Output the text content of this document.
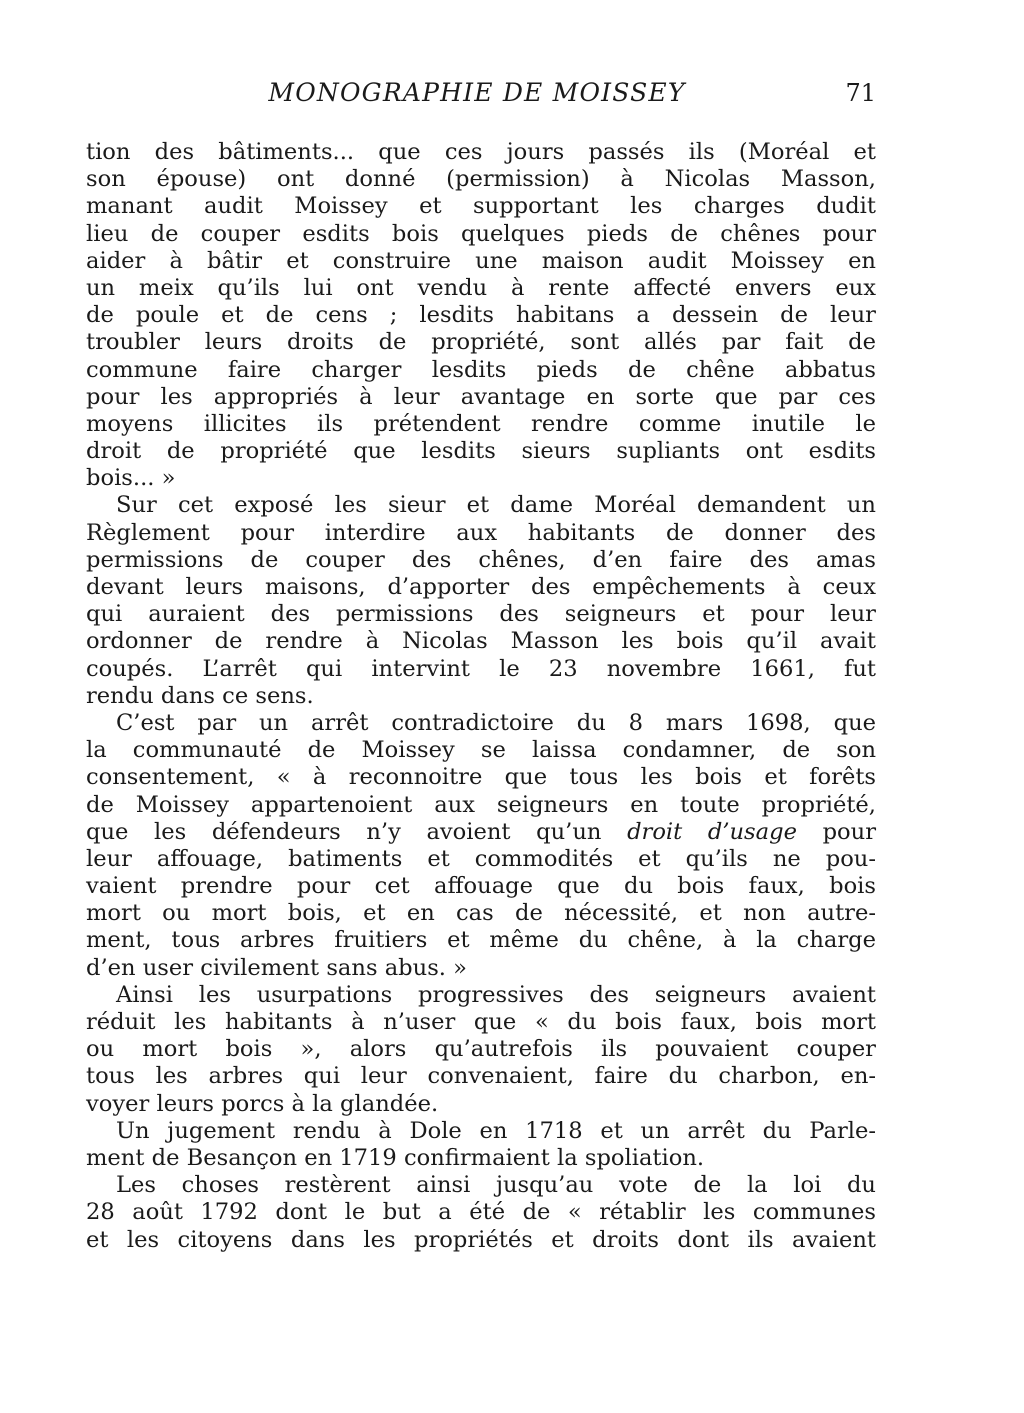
MONOGRAPHIE DE MOISSEY	71
tion des bâtiments... que ces jours passés ils (Moréal et
son épouse) ont donné (permission) à Nicolas Masson,
manant audit Moissey et supportant les charges dudit
lieu de couper esdits bois quelques pieds de chênes pour
aider à bâtir et construire une maison audit Moissey en
un meix qu’ils lui ont vendu à rente affecté envers eux
de poule et de cens ; lesdits habitans a dessein de leur
troubler leurs droits de propriété, sont allés par fait de
commune faire charger lesdits pieds de chêne abbatus
pour les appropriés à leur avantage en sorte que par ces
moyens illicites ils prétendent rendre comme inutile le
droit de propriété que lesdits sieurs supliants ont esdits
bois... »
Sur cet exposé les sieur et dame Moréal demandent un
Règlement pour interdire aux habitants de donner des
permissions de couper des chênes, d’en faire des amas
devant leurs maisons, d’apporter des empêchements à ceux
qui auraient des permissions des seigneurs et pour leur
ordonner de rendre à Nicolas Masson les bois qu’il avait
coupés. L’arrêt qui intervint le 23 novembre 1661, fut
rendu dans ce sens.
C’est par un arrêt contradictoire du 8 mars 1698, que
la communauté de Moissey se laissa condamner, de son
consentement, « à reconnoitre que tous les bois et forêts
de Moissey appartenoient aux seigneurs en toute propriété,
que les défendeurs n’y avoient qu’un droit d’usage pour
leur affouage, batiments et commodités et qu’ils ne pou-
vaient prendre pour cet affouage que du bois faux, bois
mort ou mort bois, et en cas de nécessité, et non autre-
ment, tous arbres fruitiers et même du chêne, à la charge
d’en user civilement sans abus. »
Ainsi les usurpations progressives des seigneurs avaient
réduit les habitants à n’user que « du bois faux, bois mort
ou mort bois », alors qu’autrefois ils pouvaient couper
tous les arbres qui leur convenaient, faire du charbon, en-
voyer leurs porcs à la glandée.
Un jugement rendu à Dole en 1718 et un arrêt du Parle-
ment de Besançon en 1719 confirmaient la spoliation.
Les choses restèrent ainsi jusqu’au vote de la loi du
28 août 1792 dont le but a été de « rétablir les communes
et les citoyens dans les propriétés et droits dont ils avaient
